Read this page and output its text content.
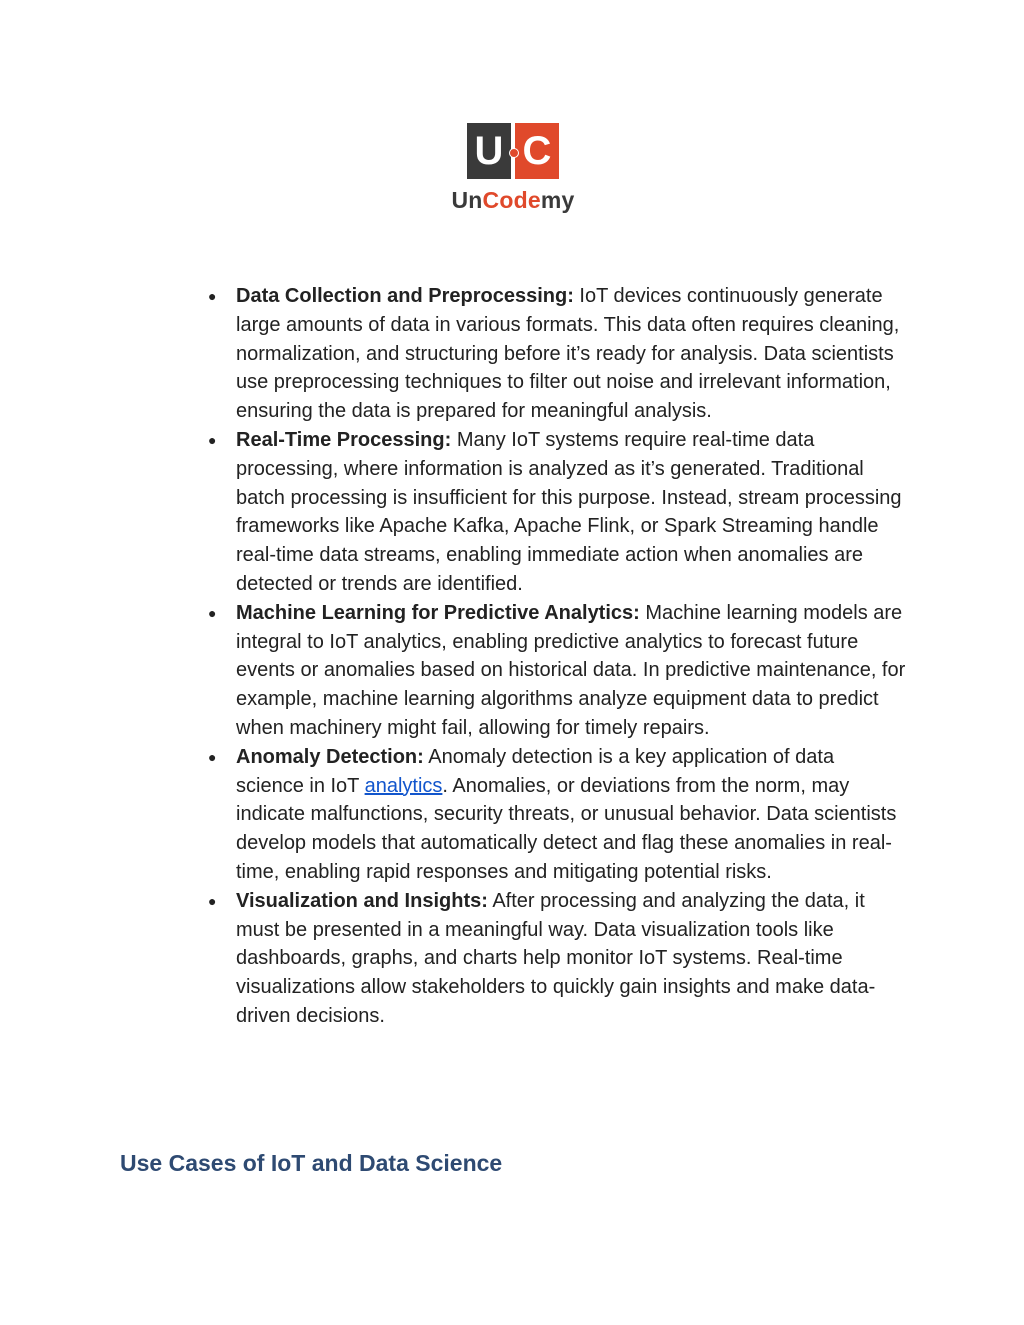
U C
UnCodemy
● Data Collection and Preprocessing: IoT devices continuously generate large amounts of data in various formats. This data often requires cleaning, normalization, and structuring before it’s ready for analysis. Data scientists use preprocessing techniques to filter out noise and irrelevant information, ensuring the data is prepared for meaningful analysis.
● Real-Time Processing: Many IoT systems require real-time data processing, where information is analyzed as it’s generated. Traditional batch processing is insufficient for this purpose. Instead, stream processing frameworks like Apache Kafka, Apache Flink, or Spark Streaming handle real-time data streams, enabling immediate action when anomalies are detected or trends are identified.
● Machine Learning for Predictive Analytics: Machine learning models are integral to IoT analytics, enabling predictive analytics to forecast future events or anomalies based on historical data. In predictive maintenance, for example, machine learning algorithms analyze equipment data to predict when machinery might fail, allowing for timely repairs.
● Anomaly Detection: Anomaly detection is a key application of data science in IoT analytics. Anomalies, or deviations from the norm, may indicate malfunctions, security threats, or unusual behavior. Data scientists develop models that automatically detect and flag these anomalies in real-time, enabling rapid responses and mitigating potential risks.
● Visualization and Insights: After processing and analyzing the data, it must be presented in a meaningful way. Data visualization tools like dashboards, graphs, and charts help monitor IoT systems. Real-time visualizations allow stakeholders to quickly gain insights and make data-driven decisions.
Use Cases of IoT and Data Science
